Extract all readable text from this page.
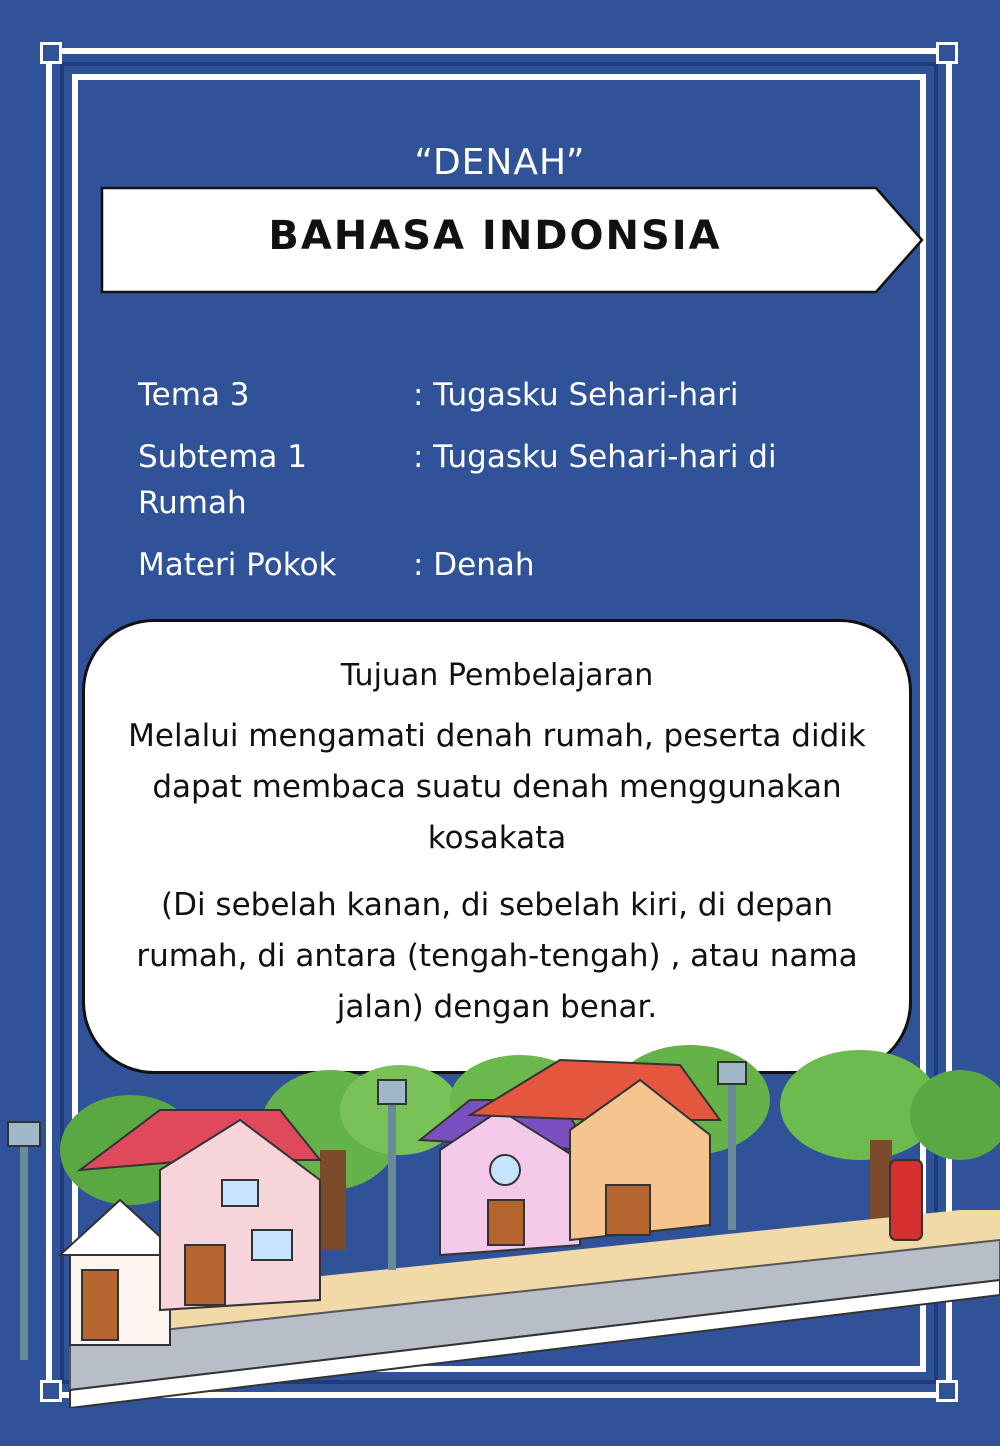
“DENAH”
BAHASA INDONSIA
Tema 3	: Tugasku Sehari-hari
Subtema 1	: Tugasku Sehari-hari di
Rumah
Materi Pokok : Denah
Tujuan Pembelajaran
Melalui mengamati denah rumah, peserta didik dapat membaca suatu denah menggunakan kosakata
(Di sebelah kanan, di sebelah kiri, di depan rumah, di antara (tengah-tengah) , atau nama jalan) dengan benar.
